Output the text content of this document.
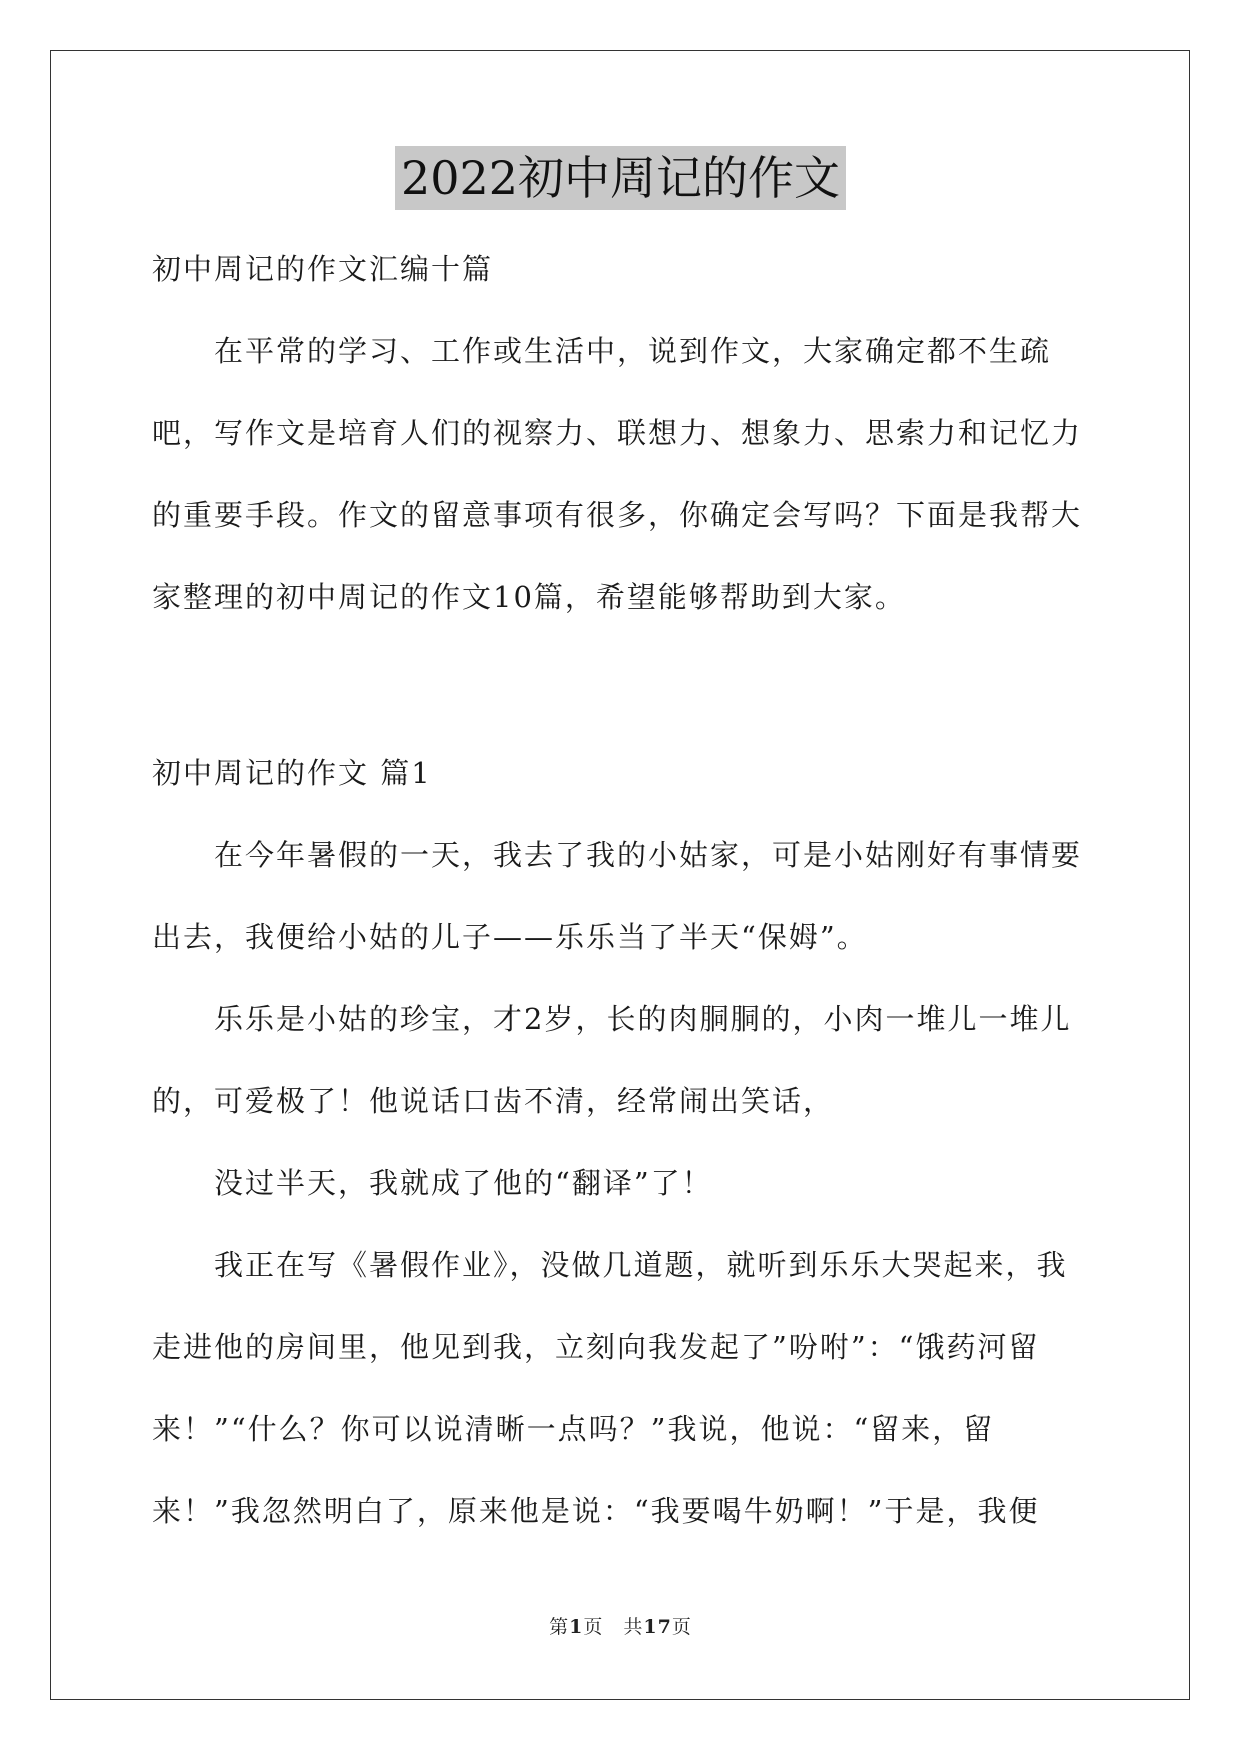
2022初中周记的作文

初中周记的作文汇编十篇

在平常的学习、工作或生活中，说到作文，大家确定都不生疏吧，写作文是培育人们的视察力、联想力、想象力、思索力和记忆力的重要手段。作文的留意事项有很多，你确定会写吗？下面是我帮大家整理的初中周记的作文10篇，希望能够帮助到大家。

初中周记的作文 篇1

在今年暑假的一天，我去了我的小姑家，可是小姑刚好有事情要出去，我便给小姑的儿子——乐乐当了半天“保姆”。

乐乐是小姑的珍宝，才2岁，长的肉胴胴的，小肉一堆儿一堆儿的，可爱极了！他说话口齿不清，经常闹出笑话，

没过半天，我就成了他的“翻译”了！

我正在写《暑假作业》，没做几道题，就听到乐乐大哭起来，我走进他的房间里，他见到我，立刻向我发起了”吩咐”：“饿药河留来！”“什么？你可以说清晰一点吗？”我说，他说：“留来，留来！”我忽然明白了，原来他是说：“我要喝牛奶啊！”于是，我便

第1页　共17页
